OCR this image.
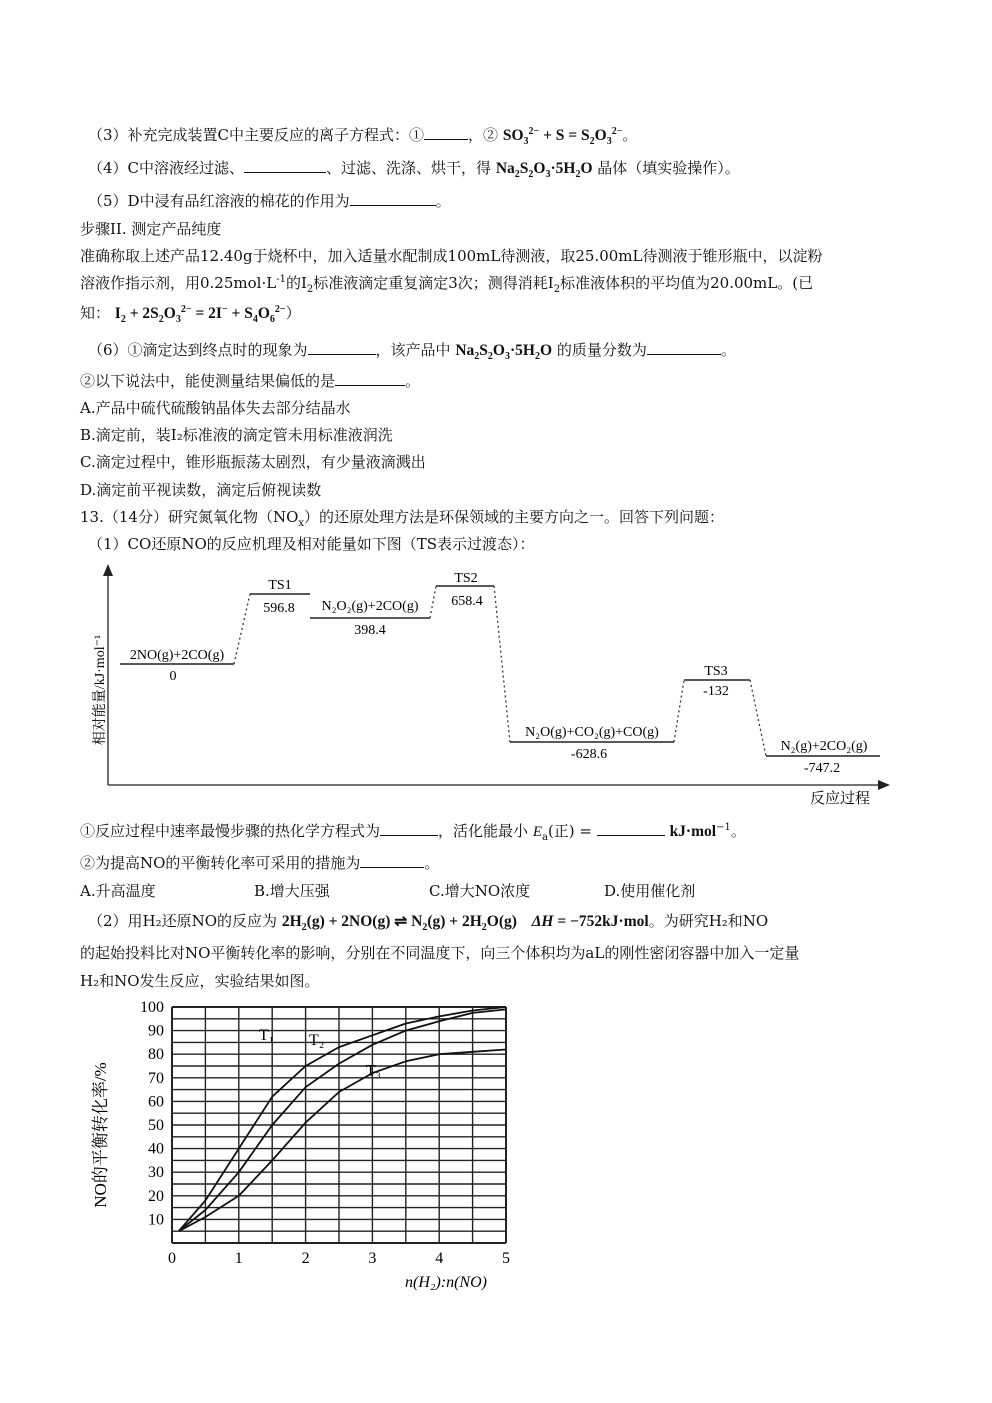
（3）补充完成装置C中主要反应的离子方程式：①	，② $SO_3^{2-} + S = S_2O_3^{2-}$。
（4）C中溶液经过滤、	、过滤、洗涤、烘干，得 $Na_2S_2O_3\cdot 5H_2O$ 晶体（填实验操作）。
（5）D中浸有品红溶液的棉花的作用为	。
步骤II. 测定产品纯度
准确称取上述产品12.40g于烧杯中，加入适量水配制成100mL待测液，取25.00mL待测液于锥形瓶中，以淀粉
溶液作指示剂，用$0.25mol\cdot L^{-1}$的$I_2$标准液滴定重复滴定3次；测得消耗$I_2$标准液体积的平均值为20.00mL。(已
知： $I_2 + 2S_2O_3^{2-} = 2I^- + S_4O_6^{2-}$）
（6）①滴定达到终点时的现象为	，该产品中 $Na_2S_2O_3\cdot 5H_2O$ 的质量分数为	。
②以下说法中，能使测量结果偏低的是	。
A.产品中硫代硫酸钠晶体失去部分结晶水
B.滴定前，装I₂标准液的滴定管未用标准液润洗
C.滴定过程中，锥形瓶振荡太剧烈，有少量液滴溅出
D.滴定前平视读数，滴定后俯视读数
13.（14分）研究氮氧化物$(NO_x)$的还原处理方法是环保领域的主要方向之一。回答下列问题：
（1）CO还原NO的反应机理及相对能量如下图（TS表示过渡态）：
相对能量/kJ·mol⁻¹
反应过程
2NO(g)+2CO(g)
0
TS1
596.8 N₂O₂(g)+2CO(g)
398.4
TS2
658.4
N₂O(g)+CO₂(g)+CO(g)
-628.6
TS3
-132
N₂(g)+2CO₂(g)
-747.2
①反应过程中速率最慢步骤的热化学方程式为	，活化能最小 $E_a$(正) =	kJ·mol$^{-1}$。
②为提高NO的平衡转化率可采用的措施为	。
A.升高温度	B.增大压强	C.增大NO浓度	D.使用催化剂
（2）用H₂还原NO的反应为 $2H_2(g) + 2NO(g)$ ⇌ $N_2(g) + 2H_2O(g) \Delta H = -752kJ\cdot mol$。为研究H₂和NO
的起始投料比对NO平衡转化率的影响，分别在不同温度下，向三个体积均为aL的刚性密闭容器中加入一定量
H₂和NO发生反应，实验结果如图。
10
20
30
40
50
60
70
80
90
100
0	1	2	3	4	5
T₁ T₂
T₃
NO的平衡转化率/%
n(H₂):n(NO)
